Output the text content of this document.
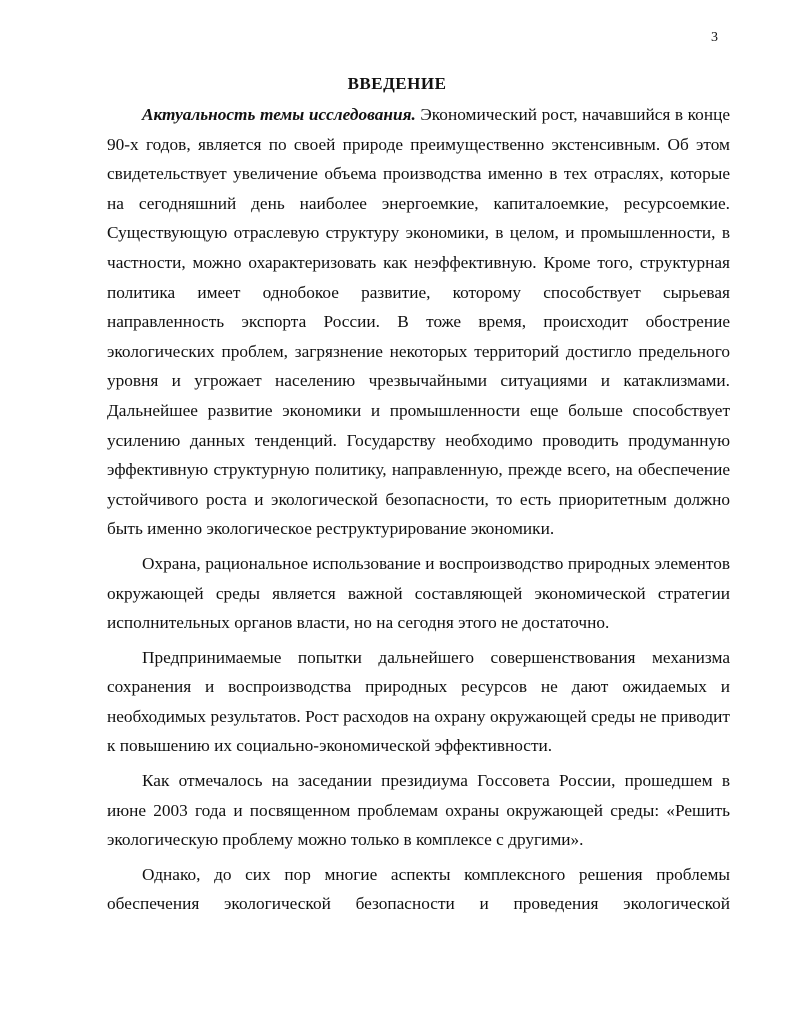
3
ВВЕДЕНИЕ

Актуальность темы исследования. Экономический рост, начавшийся в конце 90-х годов, является по своей природе преимущественно экстенсивным. Об этом свидетельствует увеличение объема производства именно в тех отраслях, которые на сегодняшний день наиболее энергоемкие, капиталоемкие, ресурсоемкие. Существующую отраслевую структуру экономики, в целом, и промышленности, в частности, можно охарактеризовать как неэффективную. Кроме того, структурная политика имеет однобокое развитие, которому способствует сырьевая направленность экспорта России. В тоже время, происходит обострение экологических проблем, загрязнение некоторых территорий достигло предельного уровня и угрожает населению чрезвычайными ситуациями и катаклизмами. Дальнейшее развитие экономики и промышленности еще больше способствует усилению данных тенденций. Государству необходимо проводить продуманную эффективную структурную политику, направленную, прежде всего, на обеспечение устойчивого роста и экологической безопасности, то есть приоритетным должно быть именно экологическое реструктурирование экономики.

Охрана, рациональное использование и воспроизводство природных элементов окружающей среды является важной составляющей экономической стратегии исполнительных органов власти, но на сегодня этого не достаточно.

Предпринимаемые попытки дальнейшего совершенствования механизма сохранения и воспроизводства природных ресурсов не дают ожидаемых и необходимых результатов. Рост расходов на охрану окружающей среды не приводит к повышению их социально-экономической эффективности.

Как отмечалось на заседании президиума Госсовета России, прошедшем в июне 2003 года и посвященном проблемам охраны окружающей среды: «Решить экологическую проблему можно только в комплексе с другими».

Однако, до сих пор многие аспекты комплексного решения проблемы обеспечения экологической безопасности и проведения экологической
